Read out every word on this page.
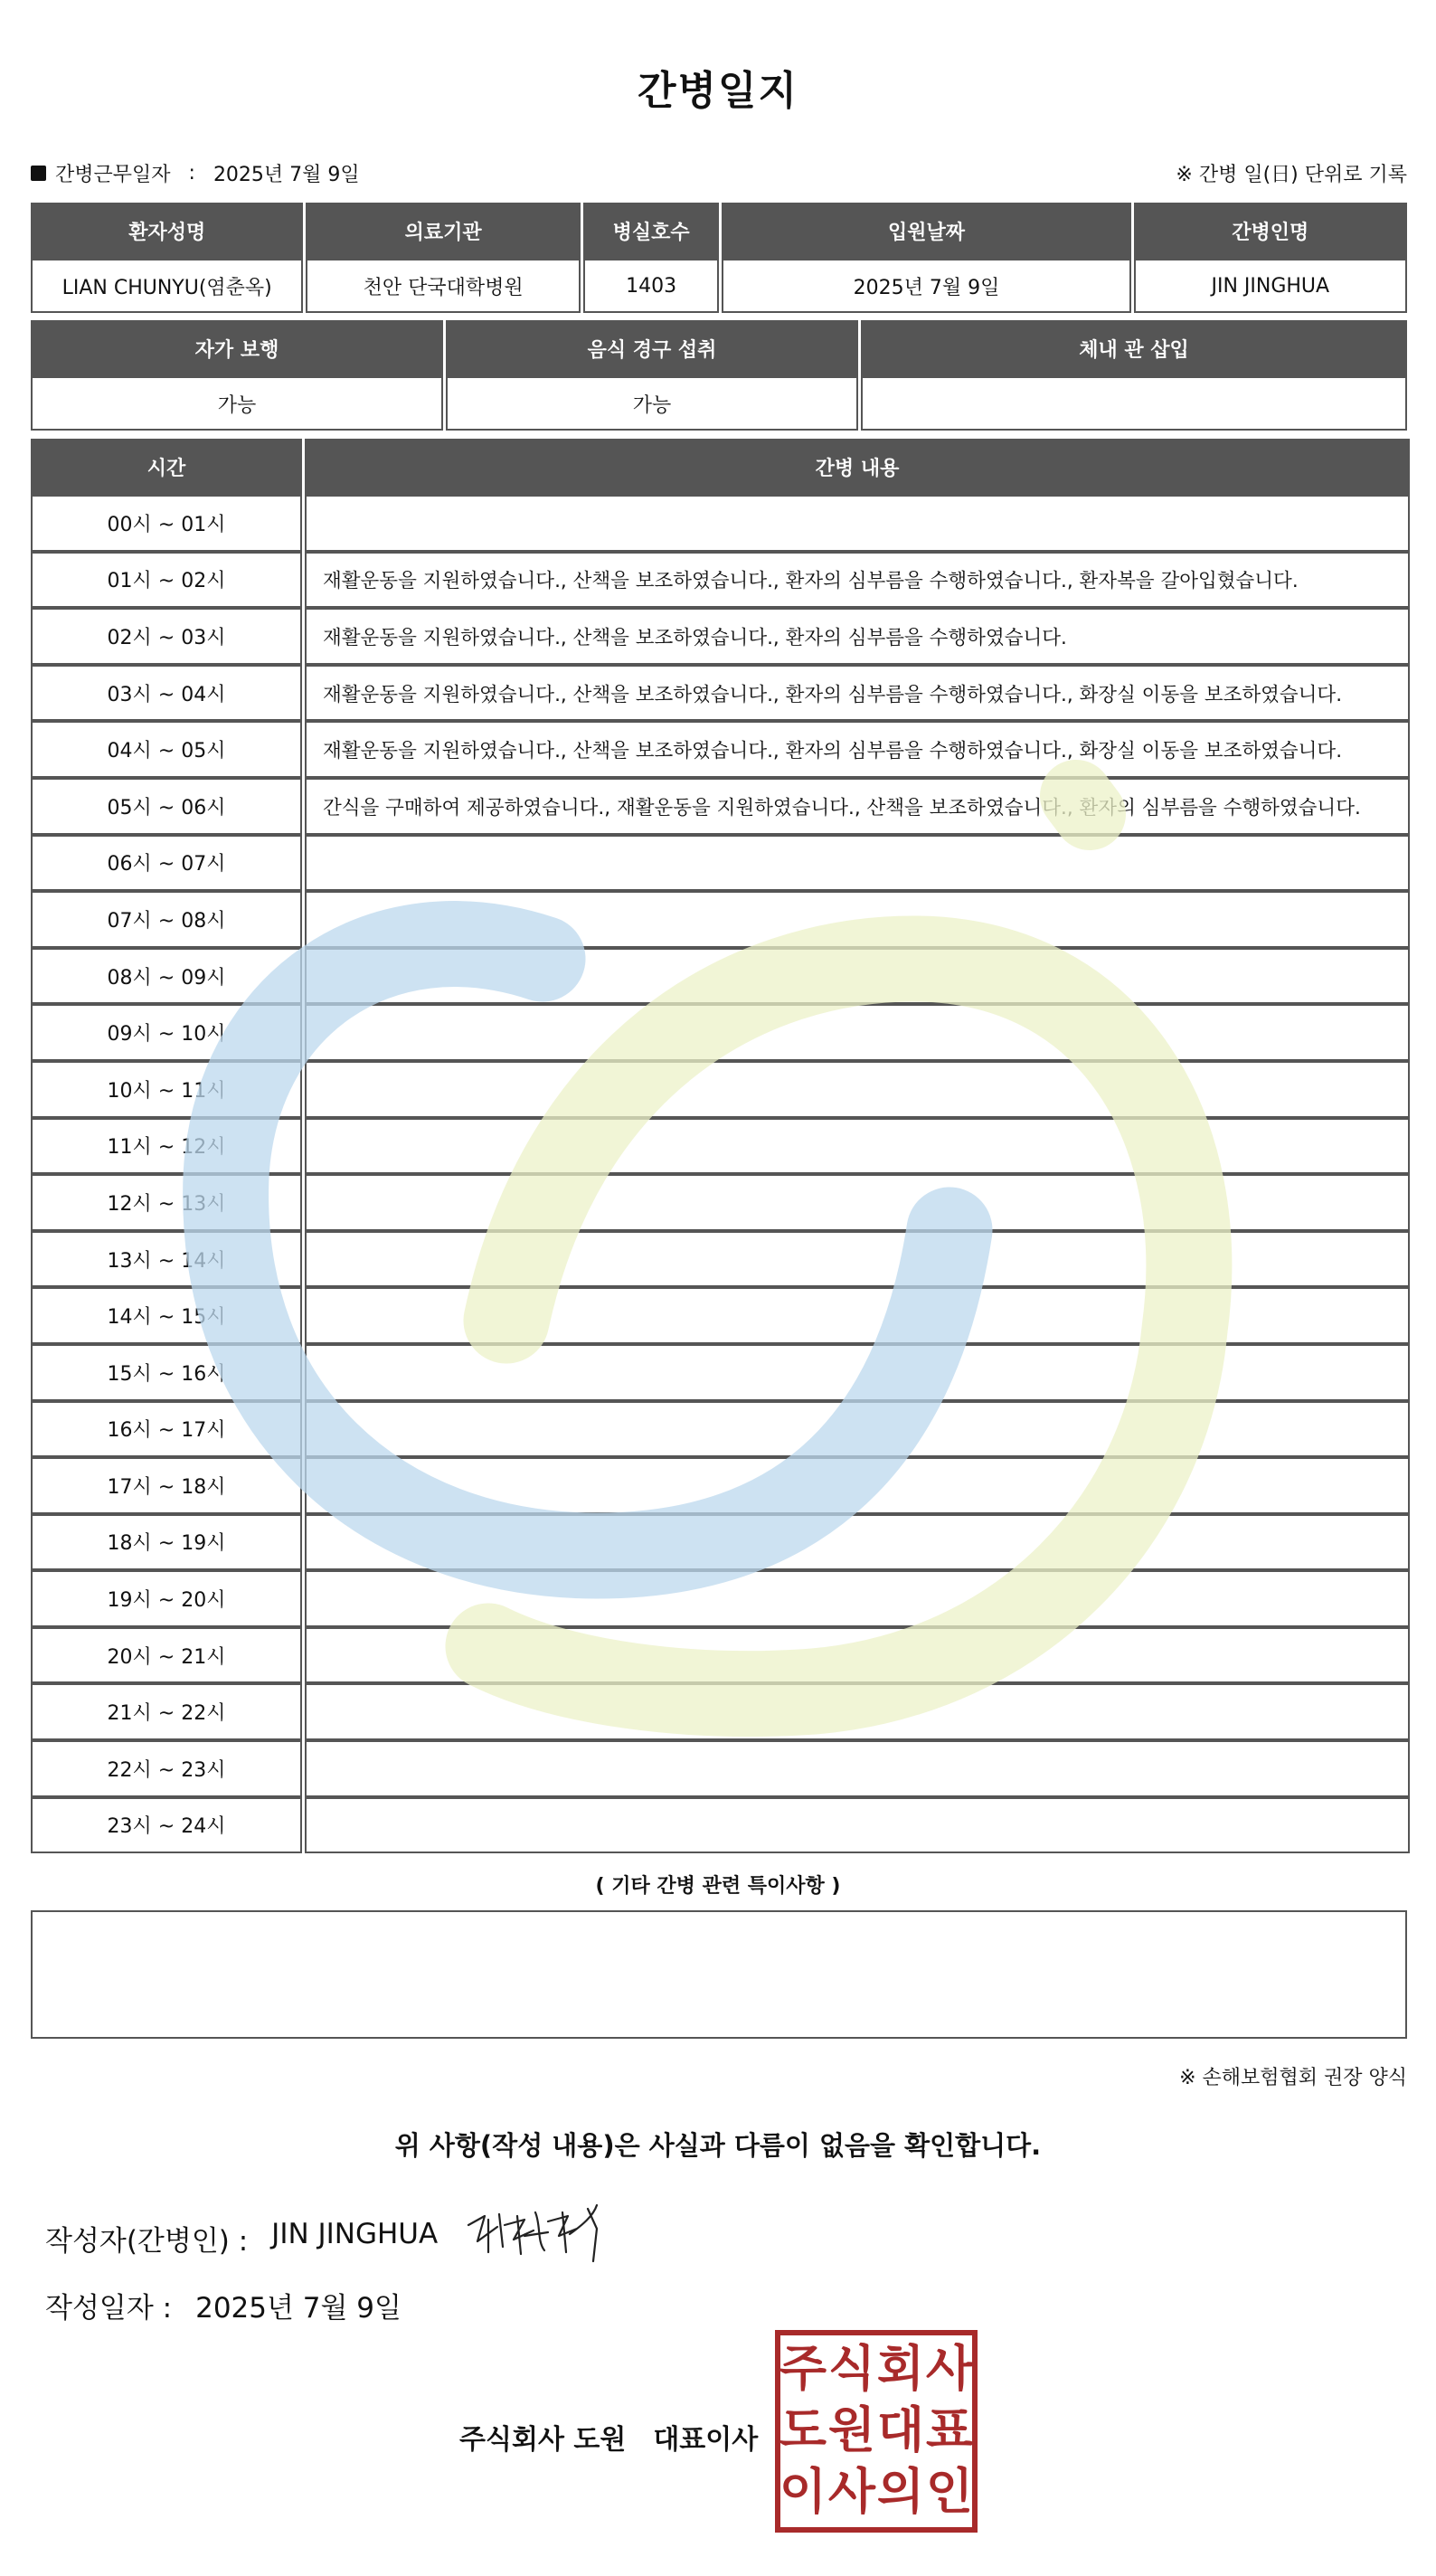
간병일지
간병근무일자 : 2025년 7월 9일	※ 간병 일(日) 단위로 기록
환자성명	의료기관	병실호수	입원날짜	간병인명
LIAN CHUNYU(염춘옥)	천안 단국대학병원	1403	2025년 7월 9일	JIN JINGHUA
자가 보행	음식 경구 섭취	체내 관 삽입
가능	가능	
시간	간병 내용
00시 ~ 01시	
01시 ~ 02시	재활운동을 지원하였습니다., 산책을 보조하였습니다., 환자의 심부름을 수행하였습니다., 환자복을 갈아입혔습니다.
02시 ~ 03시	재활운동을 지원하였습니다., 산책을 보조하였습니다., 환자의 심부름을 수행하였습니다.
03시 ~ 04시	재활운동을 지원하였습니다., 산책을 보조하였습니다., 환자의 심부름을 수행하였습니다., 화장실 이동을 보조하였습니다.
04시 ~ 05시	재활운동을 지원하였습니다., 산책을 보조하였습니다., 환자의 심부름을 수행하였습니다., 화장실 이동을 보조하였습니다.
05시 ~ 06시	간식을 구매하여 제공하였습니다., 재활운동을 지원하였습니다., 산책을 보조하였습니다., 환자의 심부름을 수행하였습니다.
06시 ~ 07시	
07시 ~ 08시	
08시 ~ 09시	
09시 ~ 10시	
10시 ~ 11시	
11시 ~ 12시	
12시 ~ 13시	
13시 ~ 14시	
14시 ~ 15시	
15시 ~ 16시	
16시 ~ 17시	
17시 ~ 18시	
18시 ~ 19시	
19시 ~ 20시	
20시 ~ 21시	
21시 ~ 22시	
22시 ~ 23시	
23시 ~ 24시	
( 기타 간병 관련 특이사항 )
※ 손해보험협회 권장 양식
위 사항(작성 내용)은 사실과 다름이 없음을 확인합니다.
작성자(간병인) : JIN JINGHUA
작성일자 : 2025년 7월 9일
주식회사 도원 대표이사
주 식 회 사
도 원 대 표
이 사 의 인
